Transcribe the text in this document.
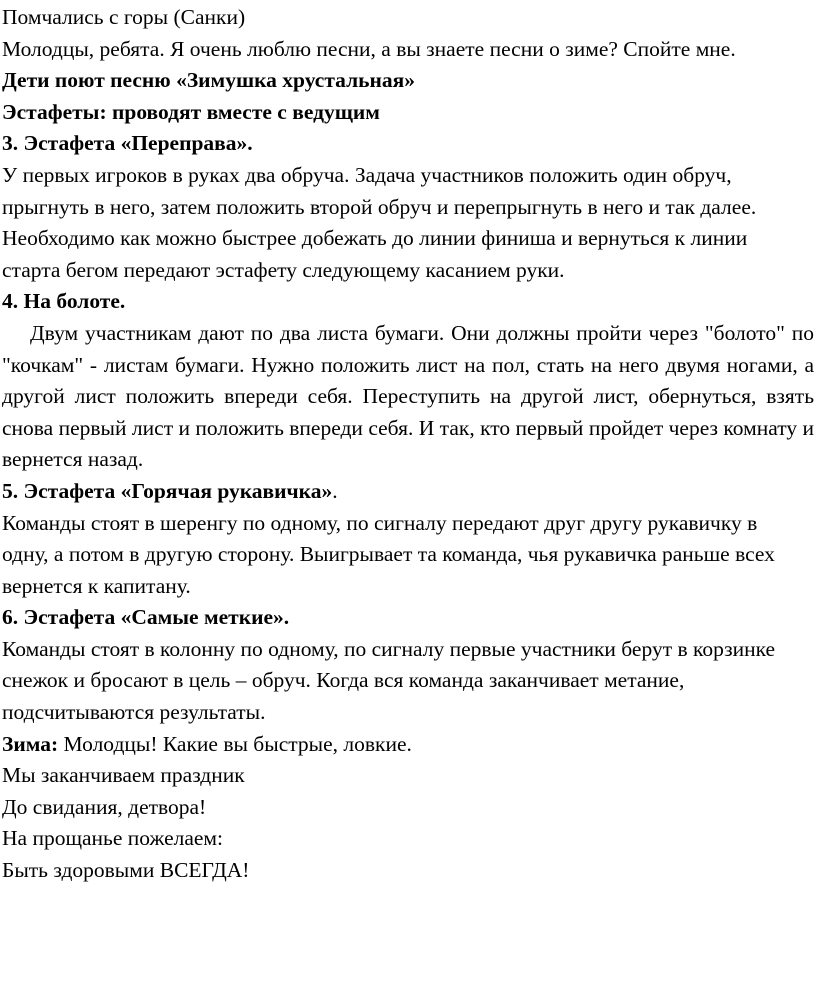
Помчались с горы (Санки)

Молодцы, ребята. Я очень люблю песни, а вы знаете песни о зиме? Спойте мне.

Дети поют песню «Зимушка хрустальная»

Эстафеты: проводят вместе с ведущим

3. Эстафета «Переправа».

У первых игроков в руках два обруча. Задача участников положить один обруч, прыгнуть в него, затем положить второй обруч и перепрыгнуть в него и так далее. Необходимо как можно быстрее добежать до линии финиша и вернуться к линии старта бегом передают эстафету следующему касанием руки.

4. На болоте.

Двум участникам дают по два листа бумаги. Они должны пройти через "болото" по "кочкам" - листам бумаги. Нужно положить лист на пол, стать на него двумя ногами, а другой лист положить впереди себя. Переступить на другой лист, обернуться, взять снова первый лист и положить впереди себя. И так, кто первый пройдет через комнату и вернется назад.

5. Эстафета «Горячая рукавичка».

Команды стоят в шеренгу по одному, по сигналу передают друг другу рукавичку в одну, а потом в другую сторону. Выигрывает та команда, чья рукавичка раньше всех вернется к капитану.

6. Эстафета «Самые меткие».

Команды стоят в колонну по одному, по сигналу первые участники берут в корзинке снежок и бросают в цель – обруч. Когда вся команда заканчивает метание, подсчитываются результаты.

Зима: Молодцы! Какие вы быстрые, ловкие.

Мы заканчиваем праздник

До свидания, детвора!

На прощанье пожелаем:

Быть здоровыми ВСЕГДА!
